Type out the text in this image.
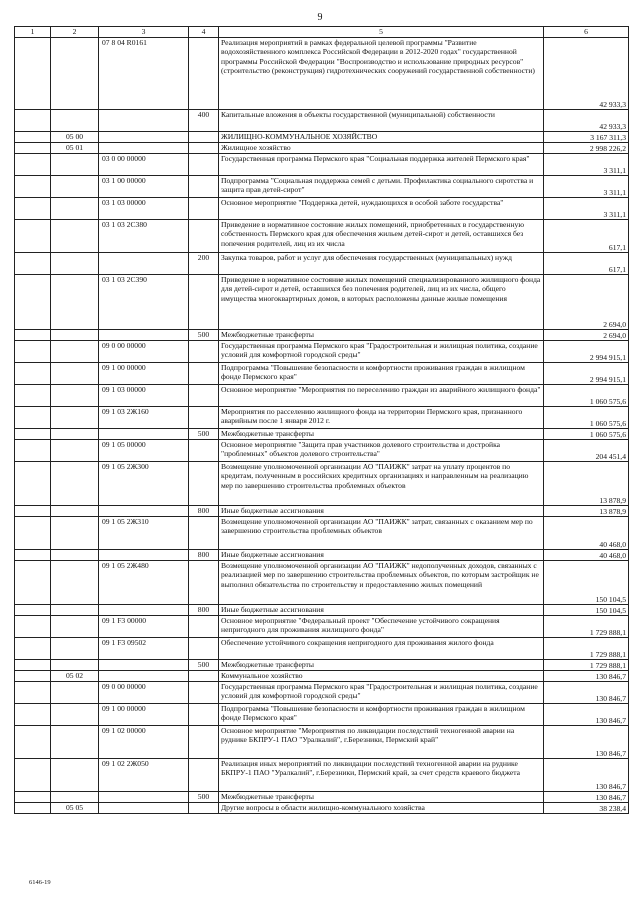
9
1	2	3	4	5	6
		07 8 04 R0161		Реализация мероприятий в рамках федеральной целевой программы "Развитие водохозяйственного комплекса Российской Федерации в 2012-2020 годах" государственной программы Российской Федерации "Воспроизводство и использование природных ресурсов" (строительство (реконструкция) гидротехнических сооружений государственной собственности)	42 933,3
			400	Капитальные вложения в объекты государственной (муниципальной) собственности	42 933,3
	05 00			ЖИЛИЩНО-КОММУНАЛЬНОЕ ХОЗЯЙСТВО	3 167 311,3
	05 01			Жилищное хозяйство	2 998 226,2
		03 0 00 00000		Государственная программа Пермского края "Социальная поддержка жителей Пермского края"	3 311,1
		03 1 00 00000		Подпрограмма "Социальная поддержка семей с детьми. Профилактика социального сиротства и защита прав детей-сирот"	3 311,1
		03 1 03 00000		Основное мероприятие "Поддержка детей, нуждающихся в особой заботе государства"	3 311,1
		03 1 03 2С380		Приведение в нормативное состояние жилых помещений, приобретенных в государственную собственность Пермского края для обеспечения жильем детей-сирот и детей, оставшихся без попечения родителей, лиц из их числа	617,1
			200	Закупка товаров, работ и услуг для обеспечения государственных (муниципальных) нужд	617,1
		03 1 03 2С390		Приведение в нормативное состояние жилых помещений специализированного жилищного фонда для детей-сирот и детей, оставшихся без попечения родителей, лиц из их числа, общего имущества многоквартирных домов, в которых расположены данные жилые помещения	2 694,0
			500	Межбюджетные трансферты	2 694,0
		09 0 00 00000		Государственная программа Пермского края "Градостроительная и жилищная политика, создание условий для комфортной городской среды"	2 994 915,1
		09 1 00 00000		Подпрограмма "Повышение безопасности и комфортности проживания граждан в жилищном фонде Пермского края"	2 994 915,1
		09 1 03 00000		Основное мероприятие "Мероприятия по переселению граждан из аварийного жилищного фонда"	1 060 575,6
		09 1 03 2Ж160		Мероприятия по расселению жилищного фонда на территории Пермского края, признанного аварийным после 1 января 2012 г.	1 060 575,6
			500	Межбюджетные трансферты	1 060 575,6
		09 1 05 00000		Основное мероприятие "Защита прав участников долевого строительства и достройка "проблемных" объектов долевого строительства"	204 451,4
		09 1 05 2Ж300		Возмещение уполномоченной организации АО "ПАИЖК" затрат на уплату процентов по кредитам, полученным в российских кредитных организациях и направленным на реализацию мер по завершению строительства проблемных объектов	13 878,9
			800	Иные бюджетные ассигнования	13 878,9
		09 1 05 2Ж310		Возмещение уполномоченной организации АО "ПАИЖК" затрат, связанных с оказанием мер по завершению строительства проблемных объектов	40 468,0
			800	Иные бюджетные ассигнования	40 468,0
		09 1 05 2Ж480		Возмещение уполномоченной организации АО "ПАИЖК" недополученных доходов, связанных с реализацией мер по завершению строительства проблемных объектов, по которым застройщик не выполнил обязательства по строительству и предоставлению жилых помещений	150 104,5
			800	Иные бюджетные ассигнования	150 104,5
		09 1 F3 00000		Основное мероприятие "Федеральный проект "Обеспечение устойчивого сокращения непригодного для проживания жилищного фонда"	1 729 888,1
		09 1 F3 09502		Обеспечение устойчивого сокращения непригодного для проживания жилого фонда	1 729 888,1
			500	Межбюджетные трансферты	1 729 888,1
	05 02			Коммунальное хозяйство	130 846,7
		09 0 00 00000		Государственная программа Пермского края "Градостроительная и жилищная политика, создание условий для комфортной городской среды"	130 846,7
		09 1 00 00000		Подпрограмма "Повышение безопасности и комфортности проживания граждан в жилищном фонде Пермского края"	130 846,7
		09 1 02 00000		Основное мероприятие "Мероприятия по ликвидации последствий техногенной аварии на руднике БКПРУ-1 ПАО "Уралкалий", г.Березники, Пермский край"	130 846,7
		09 1 02 2Ж050		Реализация иных мероприятий по ликвидации последствий техногенной аварии на руднике БКПРУ-1 ПАО "Уралкалий", г.Березники, Пермский край, за счет средств краевого бюджета	130 846,7
			500	Межбюджетные трансферты	130 846,7
	05 05			Другие вопросы в области жилищно-коммунального хозяйства	38 238,4
6146-19
